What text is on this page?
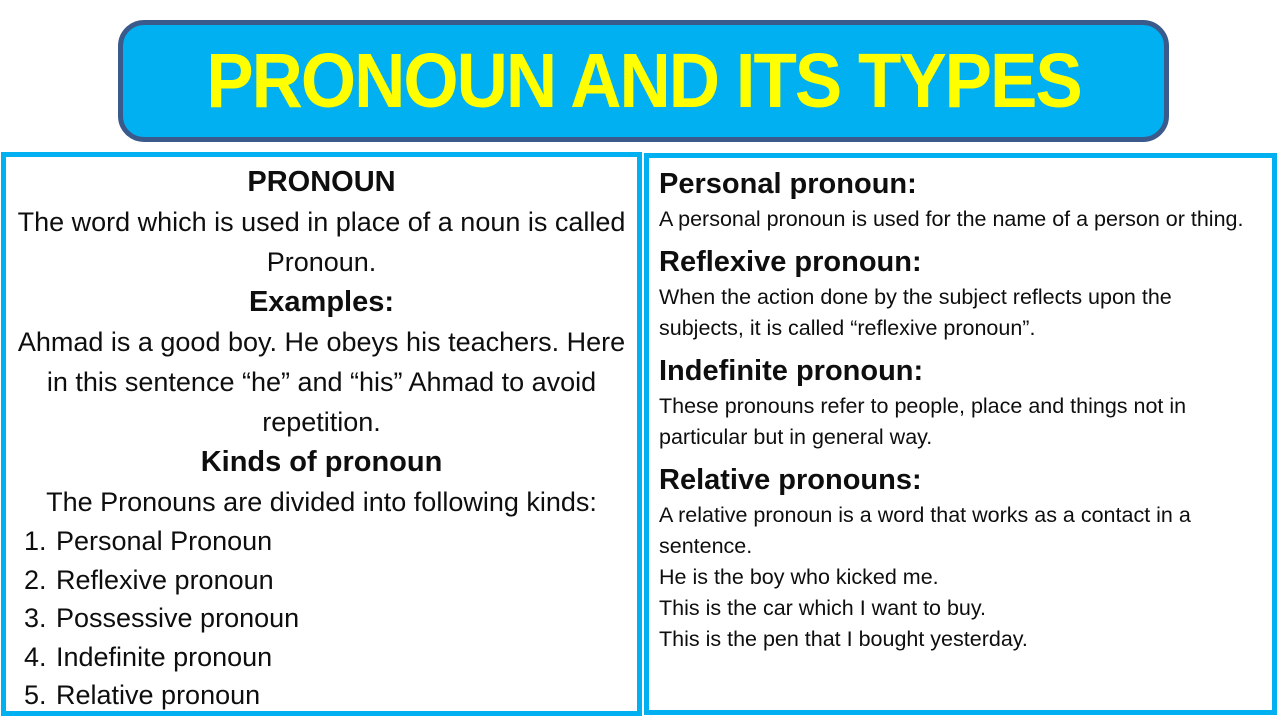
PRONOUN AND ITS TYPES
PRONOUN
The word which is used in place of a noun is called Pronoun.
Examples:
Ahmad is a good boy. He obeys his teachers. Here in this sentence “he” and “his” Ahmad to avoid repetition.
Kinds of pronoun
The Pronouns are divided into following kinds:
1. Personal Pronoun
2. Reflexive pronoun
3. Possessive pronoun
4. Indefinite pronoun
5. Relative pronoun
Personal pronoun:

A personal pronoun is used for the name of a person or thing.

Reflexive pronoun:

When the action done by the subject reflects upon the subjects, it is called “reflexive pronoun”.

Indefinite pronoun:

These pronouns refer to people, place and things not in particular but in general way.

Relative pronouns:

A relative pronoun is a word that works as a contact in a sentence.

He is the boy who kicked me.

This is the car which I want to buy.

This is the pen that I bought yesterday.
